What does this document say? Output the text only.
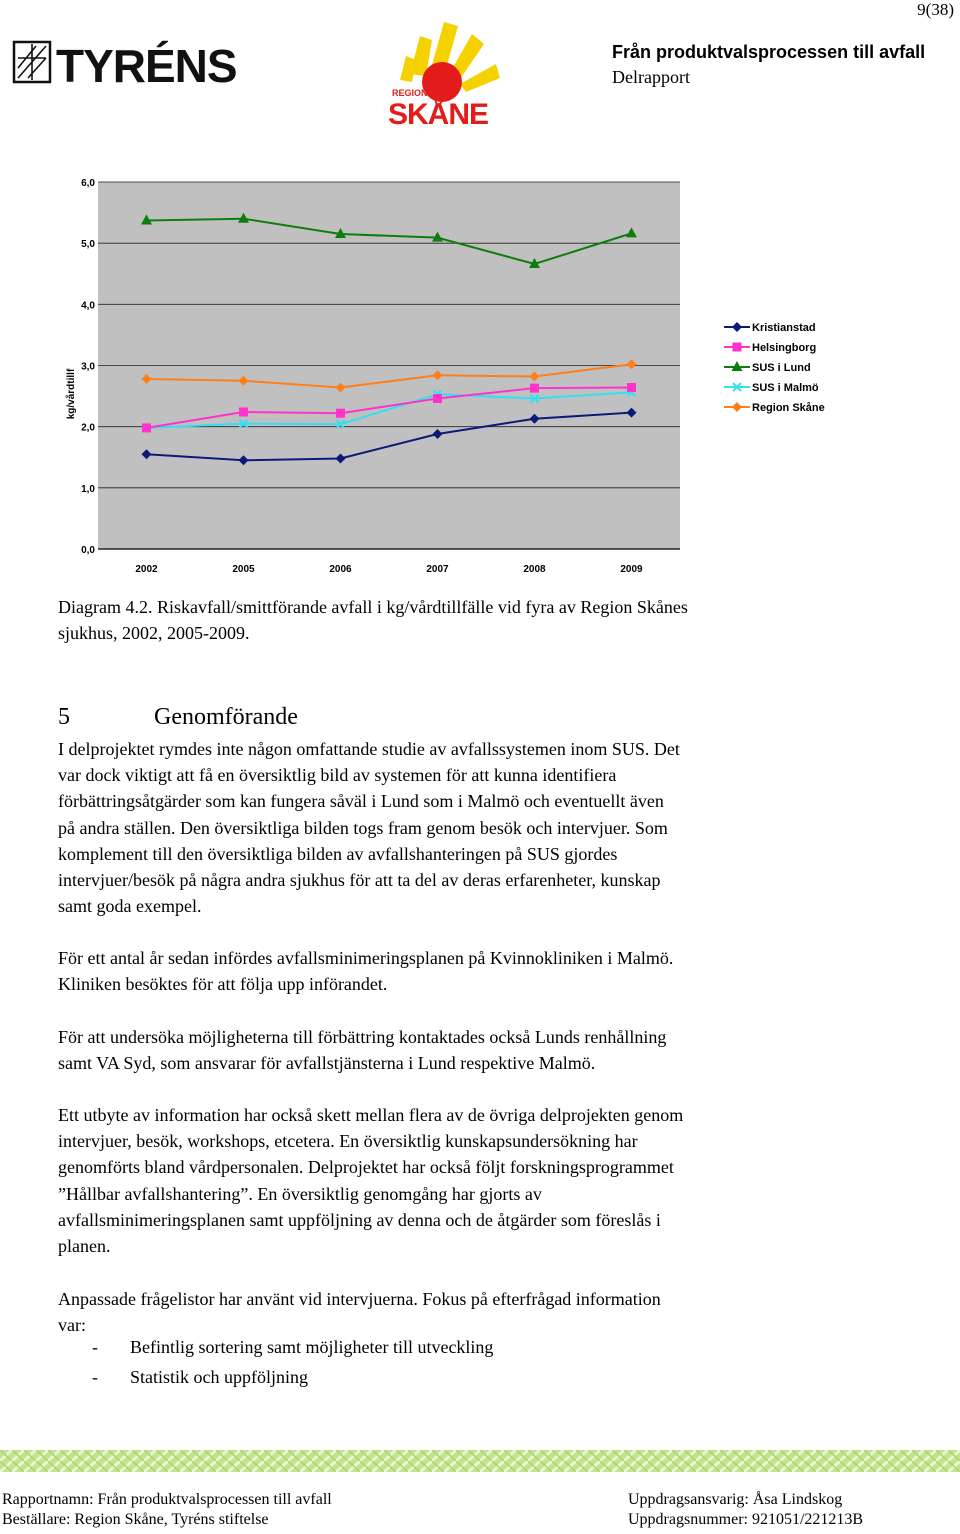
9(38)
TYRÉNS
REGION
SKÅNE
Från produktvalsprocessen till avfall
Delrapport
0,0
1,0
2,0
3,0
4,0
5,0
6,0
2002	2005	2006	2007	2008	2009
kg/vårdtillf
Kristianstad
Helsingborg
SUS i Lund
SUS i Malmö
Region Skåne
Diagram 4.2. Riskavfall/smittförande avfall i kg/vårdtillfälle vid fyra av Region Skånes
sjukhus, 2002, 2005-2009.
5	Genomförande
I delprojektet rymdes inte någon omfattande studie av avfallssystemen inom SUS. Det
var dock viktigt att få en översiktlig bild av systemen för att kunna identifiera
förbättringsåtgärder som kan fungera såväl i Lund som i Malmö och eventuellt även
på andra ställen. Den översiktliga bilden togs fram genom besök och intervjuer. Som
komplement till den översiktliga bilden av avfallshanteringen på SUS gjordes
intervjuer/besök på några andra sjukhus för att ta del av deras erfarenheter, kunskap
samt goda exempel.
För ett antal år sedan infördes avfallsminimeringsplanen på Kvinnokliniken i Malmö.
Kliniken besöktes för att följa upp införandet.
För att undersöka möjligheterna till förbättring kontaktades också Lunds renhållning
samt VA Syd, som ansvarar för avfallstjänsterna i Lund respektive Malmö.
Ett utbyte av information har också skett mellan flera av de övriga delprojekten genom
intervjuer, besök, workshops, etcetera. En översiktlig kunskapsundersökning har
genomförts bland vårdpersonalen. Delprojektet har också följt forskningsprogrammet
”Hållbar avfallshantering”. En översiktlig genomgång har gjorts av
avfallsminimeringsplanen samt uppföljning av denna och de åtgärder som föreslås i
planen.
Anpassade frågelistor har använt vid intervjuerna. Fokus på efterfrågad information
var:
- Befintlig sortering samt möjligheter till utveckling
- Statistik och uppföljning
Rapportnamn: Från produktvalsprocessen till avfall
Beställare: Region Skåne, Tyréns stiftelse
Uppdragsansvarig: Åsa Lindskog
Uppdragsnummer: 921051/221213B
